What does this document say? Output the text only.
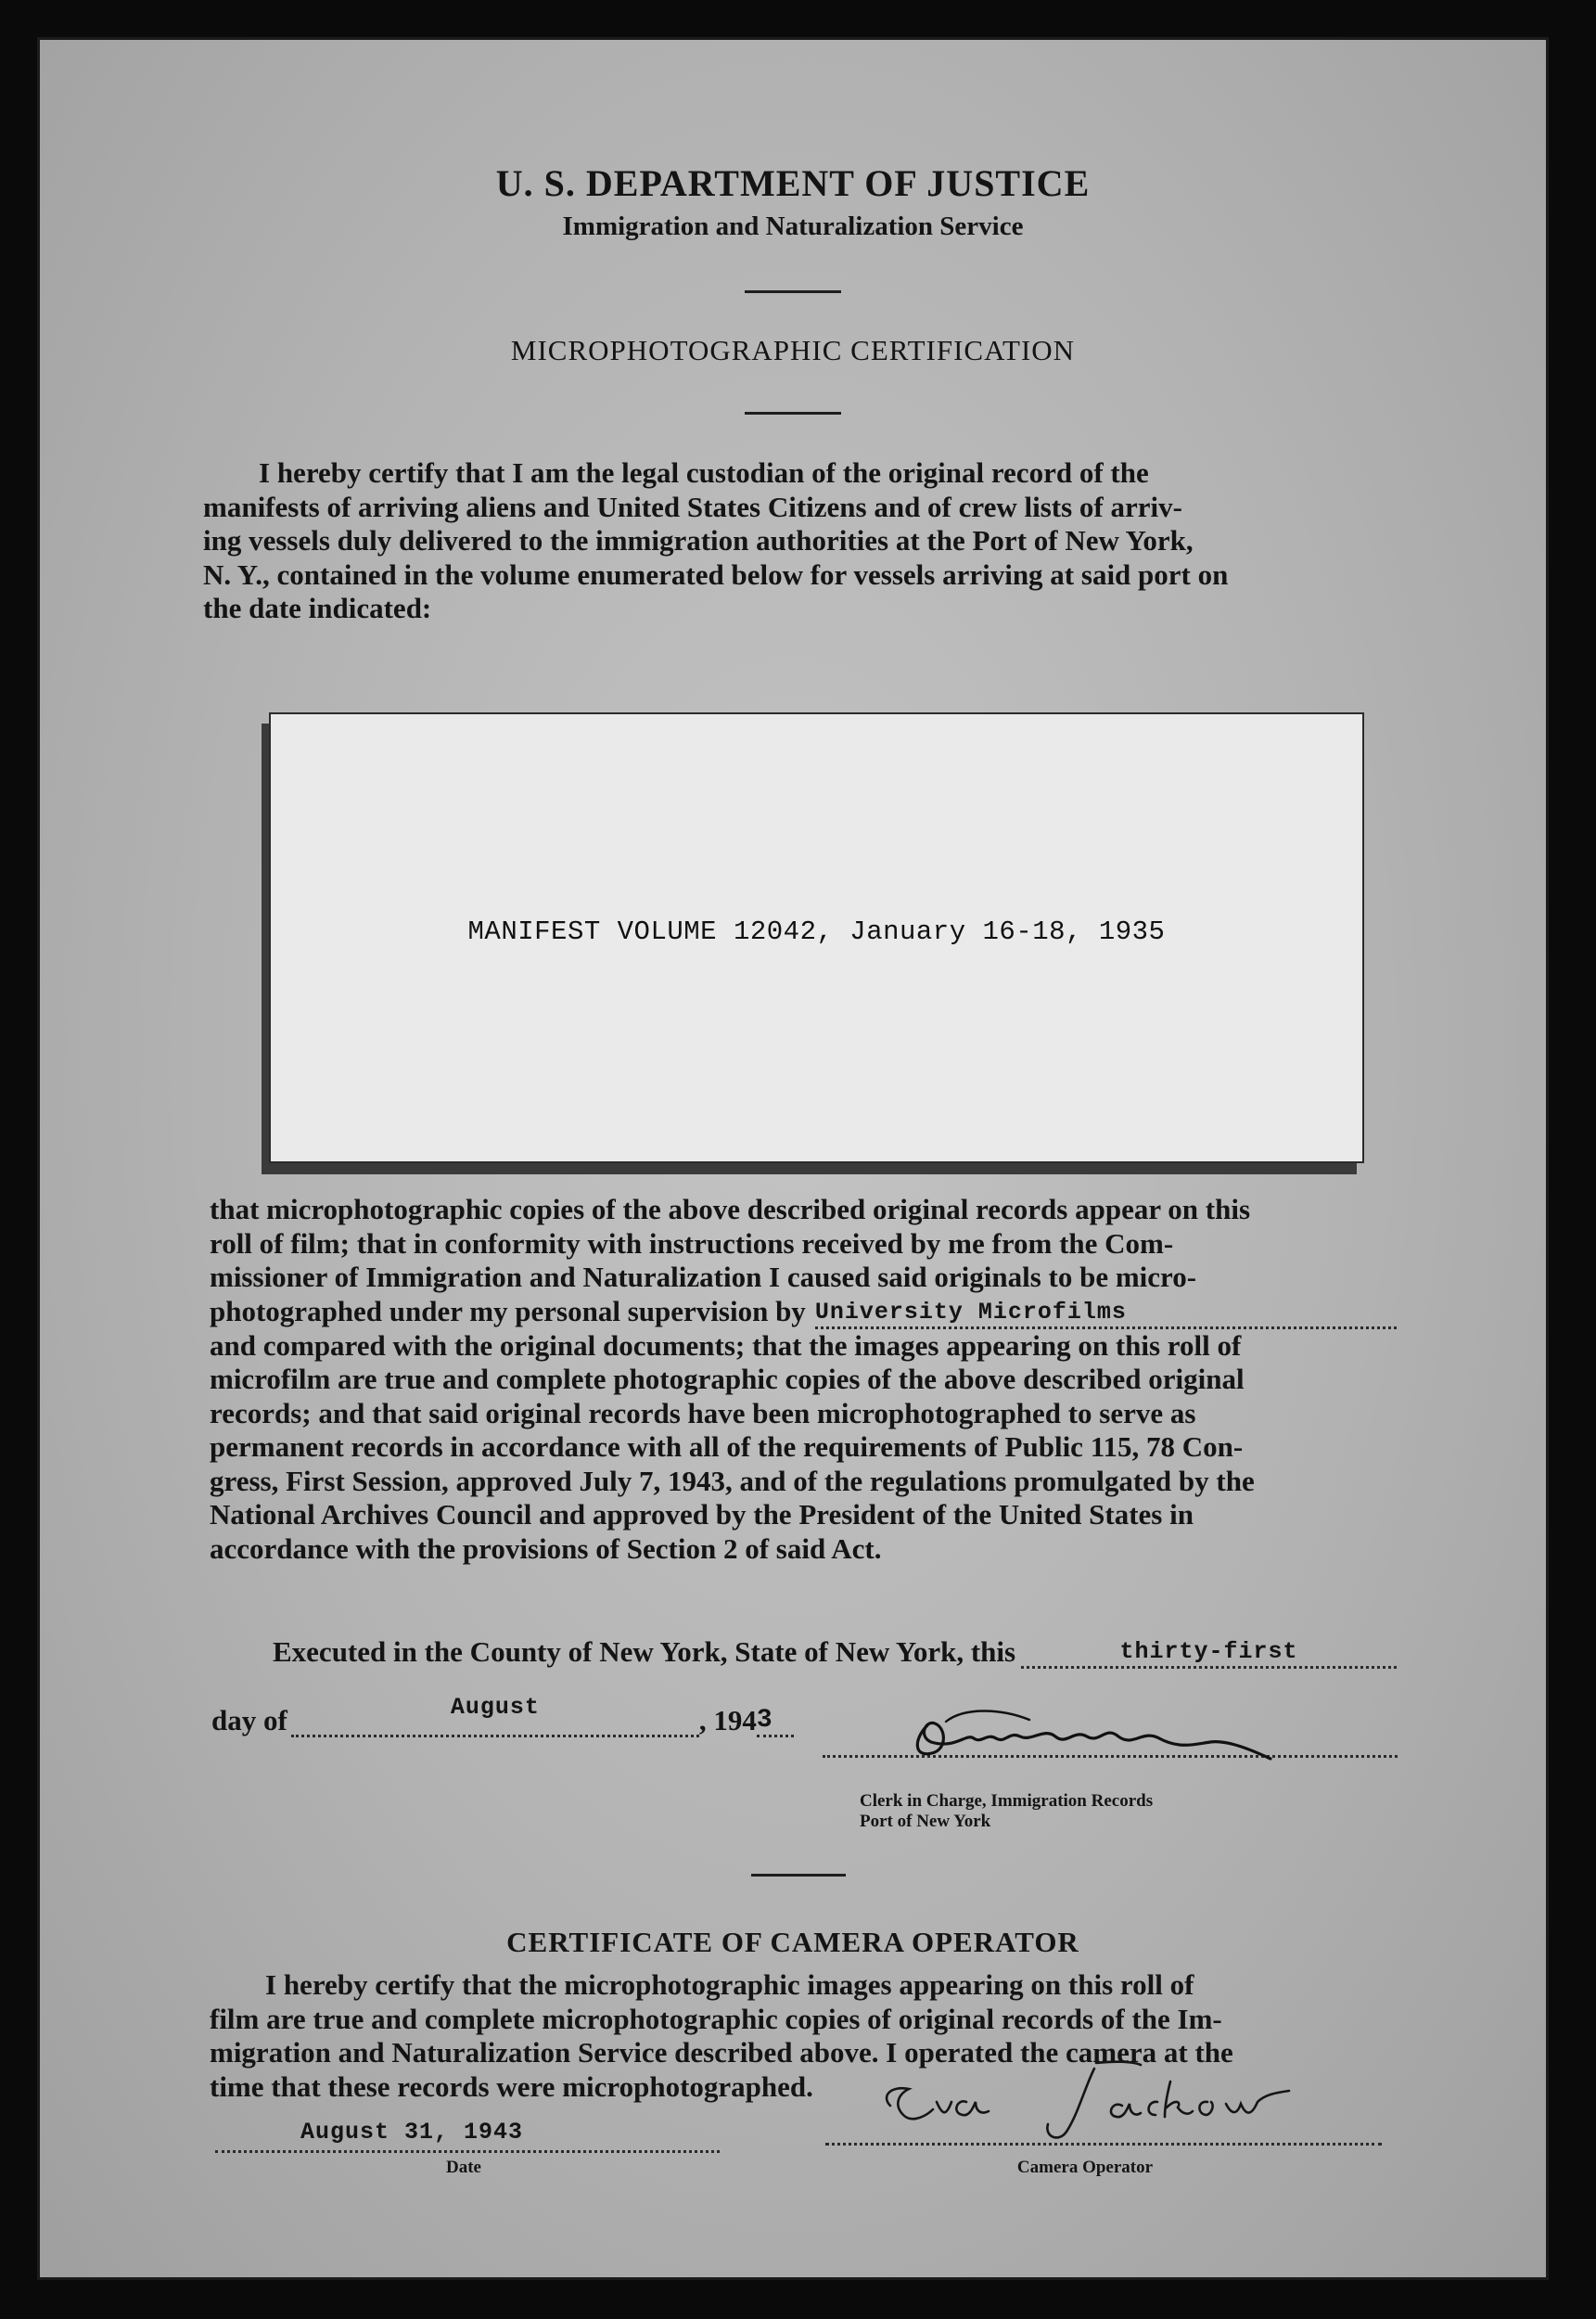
U. S. DEPARTMENT OF JUSTICE
Immigration and Naturalization Service
MICROPHOTOGRAPHIC CERTIFICATION
I hereby certify that I am the legal custodian of the original record of the
manifests of arriving aliens and United States Citizens and of crew lists of arriv-
ing vessels duly delivered to the immigration authorities at the Port of New York,
N. Y., contained in the volume enumerated below for vessels arriving at said port on
the date indicated:
MANIFEST VOLUME 12042, January 16-18, 1935
that microphotographic copies of the above described original records appear on this
roll of film; that in conformity with instructions received by me from the Com-
missioner of Immigration and Naturalization I caused said originals to be micro-
photographed under my personal supervision by University Microfilms
and compared with the original documents; that the images appearing on this roll of
microfilm are true and complete photographic copies of the above described original
records; and that said original records have been microphotographed to serve as
permanent records in accordance with all of the requirements of Public 115, 78 Con-
gress, First Session, approved July 7, 1943, and of the regulations promulgated by the
National Archives Council and approved by the President of the United States in
accordance with the provisions of Section 2 of said Act.
Executed in the County of New York, State of New York, this	thirty-first
day of	$^{August}$	, 194 3
Clerk in Charge, Immigration Records
Port of New York
CERTIFICATE OF CAMERA OPERATOR
I hereby certify that the microphotographic images appearing on this roll of
film are true and complete microphotographic copies of original records of the Im-
migration and Naturalization Service described above. I operated the camera at the
time that these records were microphotographed.
August 31, 1943
Date	Camera Operator
